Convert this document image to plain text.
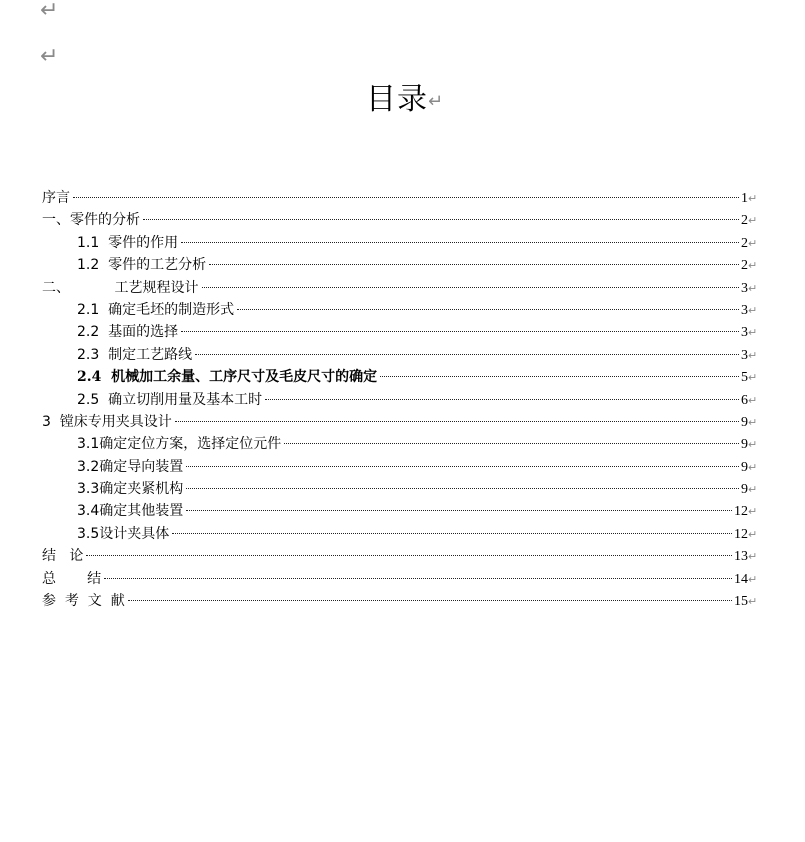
↵
↵
目录↵
序言	1 ↵
一、零件的分析	2 ↵
1.1  零件的作用	2 ↵
1.2  零件的工艺分析	2 ↵
二、          工艺规程设计	3 ↵
2.1  确定毛坯的制造形式	3 ↵
2.2  基面的选择	3 ↵
2.3  制定工艺路线	3 ↵
2.4  机械加工余量、工序尺寸及毛皮尺寸的确定	5 ↵
2.5  确立切削用量及基本工时	6 ↵
3  镗床专用夹具设计	9 ↵
3.1确定定位方案，选择定位元件	9 ↵
3.2确定导向装置	9 ↵
3.3确定夹紧机构	9 ↵
3.4确定其他装置	12 ↵
3.5设计夹具体	12 ↵
结   论	13 ↵
总       结	14 ↵
参  考  文  献	15 ↵
